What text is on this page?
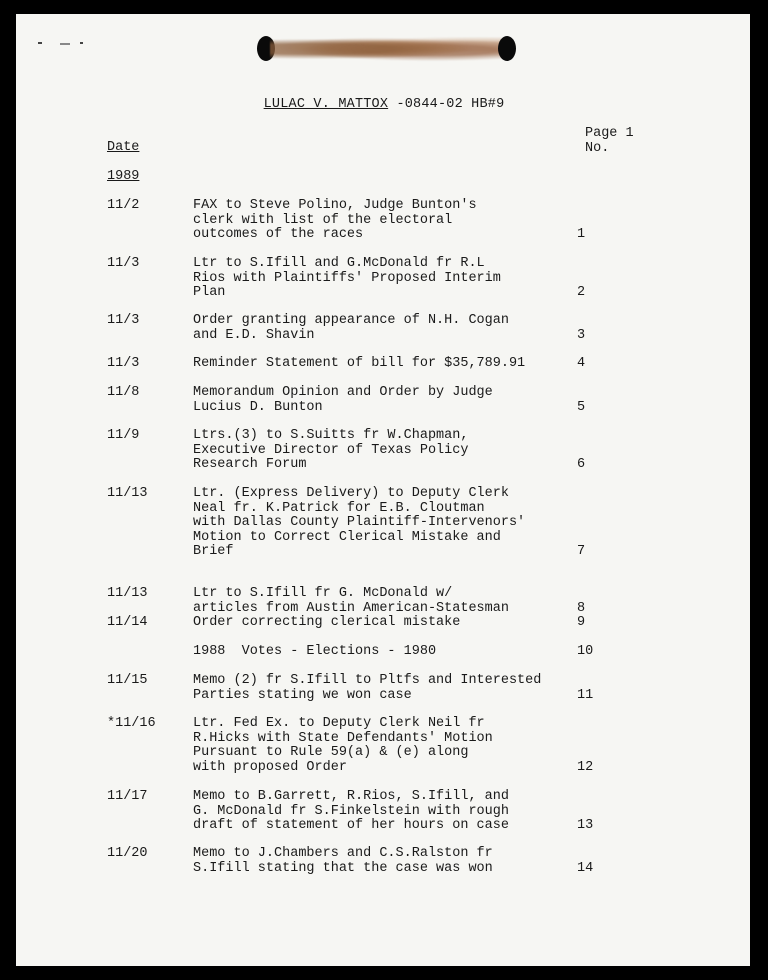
LULAC V. MATTOX -0844-02 HB#9
Date
Page 1
No.
1989
11/2	FAX to Steve Polino, Judge Bunton's
clerk with list of the electoral
outcomes of the races	1
11/3	Ltr to S.Ifill and G.McDonald fr R.L
Rios with Plaintiffs' Proposed Interim
Plan	2
11/3	Order granting appearance of N.H. Cogan
and E.D. Shavin	3
11/3	Reminder Statement of bill for $35,789.91	4
11/8	Memorandum Opinion and Order by Judge
Lucius D. Bunton	5
11/9	Ltrs.(3) to S.Suitts fr W.Chapman,
Executive Director of Texas Policy
Research Forum	6
11/13	Ltr. (Express Delivery) to Deputy Clerk
Neal fr. K.Patrick for E.B. Cloutman
with Dallas County Plaintiff-Intervenors'
Motion to Correct Clerical Mistake and
Brief	7
11/13	Ltr to S.Ifill fr G. McDonald w/
articles from Austin American-Statesman	8
11/14	Order correcting clerical mistake	9
1988  Votes - Elections - 1980	10
11/15	Memo (2) fr S.Ifill to Pltfs and Interested
Parties stating we won case	11
*11/16	Ltr. Fed Ex. to Deputy Clerk Neil fr
R.Hicks with State Defendants' Motion
Pursuant to Rule 59(a) & (e) along
with proposed Order	12
11/17	Memo to B.Garrett, R.Rios, S.Ifill, and
G. McDonald fr S.Finkelstein with rough
draft of statement of her hours on case	13
11/20	Memo to J.Chambers and C.S.Ralston fr
S.Ifill stating that the case was won	14
